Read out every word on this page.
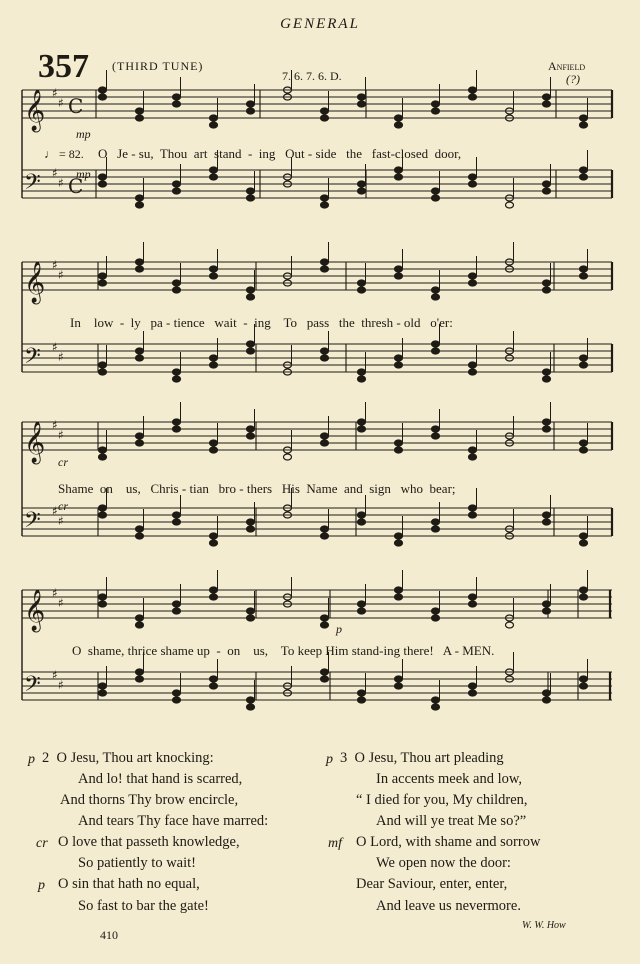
GENERAL
357 (THIRD TUNE)
7. 6. 7. 6. D.
Anfield
(?)
𝄞 ♯
♯ C
𝄢 ♯
♯ C
𝄞 ♯
♯
𝄢 ♯
♯
𝄞 ♯
♯
𝄢 ♯
♯
𝄞 ♯
♯
𝄢 ♯
♯
mp
mp
cr
cr
p
♩ = 82. O   Je - su,  Thou  art  stand  -  ing   Out - side   the   fast-closed  door,
In    low  -  ly   pa - tience   wait  -  ing    To   pass   the  thresh - old   o'er:
Shame  on    us,   Chris - tian   bro - thers   His  Name  and  sign   who  bear;
O  shame, thrice shame up  -  on    us,    To keep Him stand-ing there!   A - MEN.
p 2  O Jesu, Thou art knocking:
And lo! that hand is scarred,
And thorns Thy brow encircle,
And tears Thy face have marred:
cr O love that passeth knowledge,
So patiently to wait!
p O sin that hath no equal,
So fast to bar the gate!
p 3  O Jesu, Thou art pleading
In accents meek and low,
“ I died for you, My children,
And will ye treat Me so?”
mf O Lord, with shame and sorrow
We open now the door:
Dear Saviour, enter, enter,
And leave us nevermore.
W. W. How
410
